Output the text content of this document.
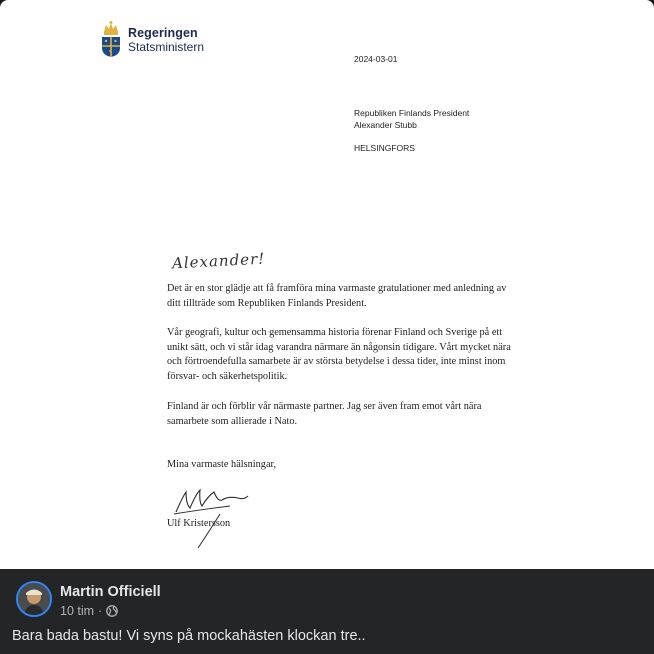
Regeringen
Statsministern
2024-03-01
Republiken Finlands President
Alexander Stubb
HELSINGFORS
Alexander!
Det är en stor glädje att få framföra mina varmaste gratulationer med anledning av ditt tillträde som Republiken Finlands President.
Vår geografi, kultur och gemensamma historia förenar Finland och Sverige på ett unikt sätt, och vi står idag varandra närmare än någonsin tidigare. Vårt mycket nära och förtroendefulla samarbete är av största betydelse i dessa tider, inte minst inom försvar- och säkerhetspolitik.
Finland är och förblir vår närmaste partner. Jag ser även fram emot vårt nära samarbete som allierade i Nato.
Mina varmaste hälsningar,
Ulf Kristersson
Martin Officiell
10 tim ·
Bara bada bastu! Vi syns på mockahästen klockan tre..
